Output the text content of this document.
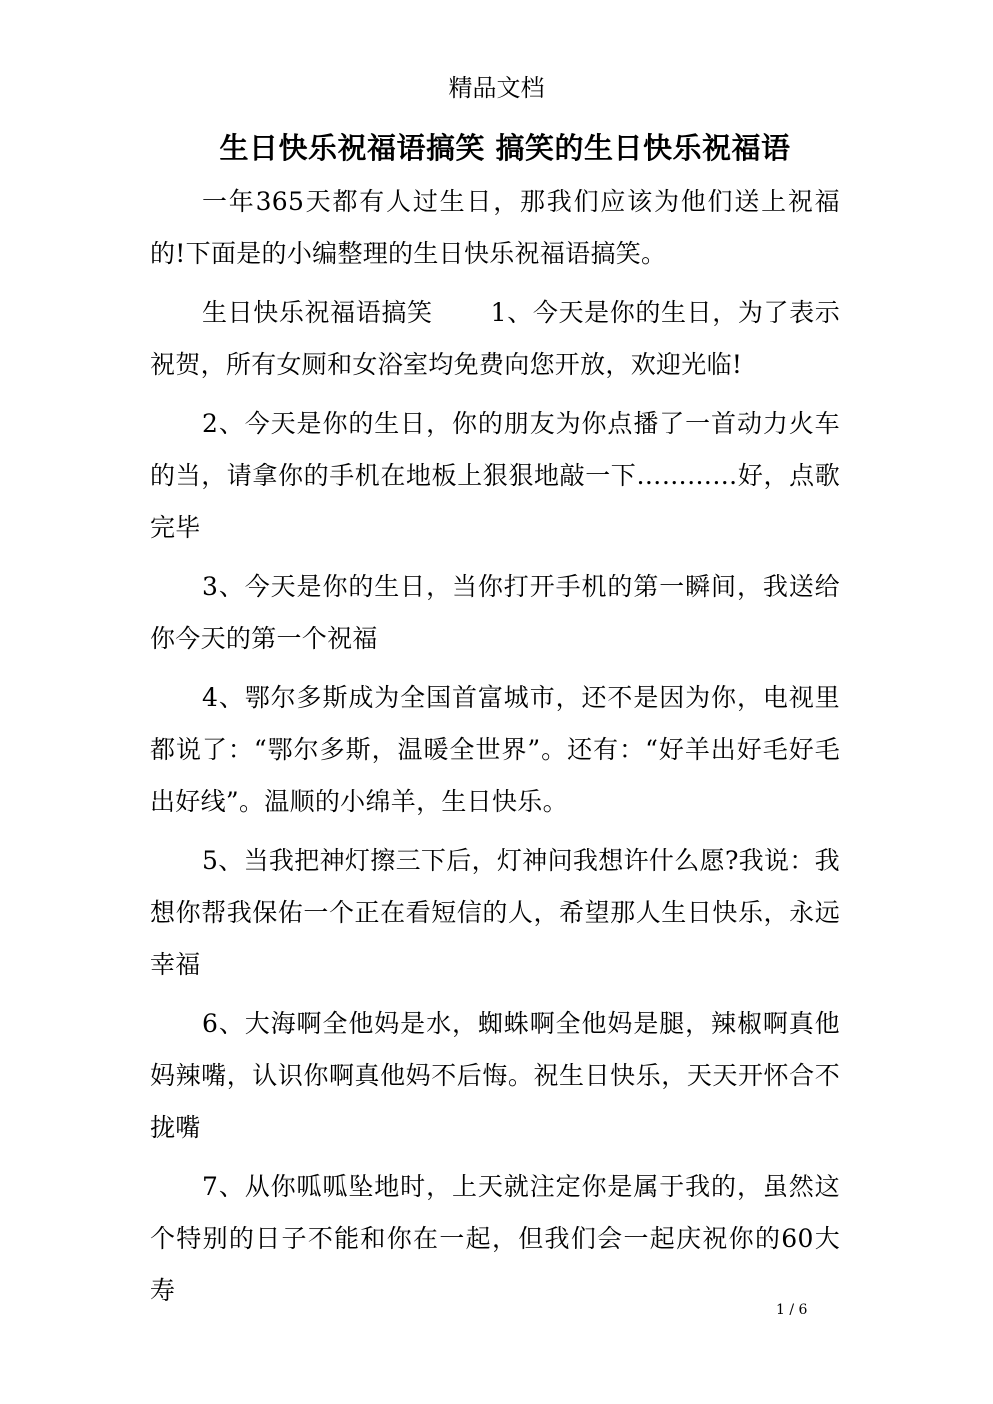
精品文档
生日快乐祝福语搞笑 搞笑的生日快乐祝福语

一年365天都有人过生日，那我们应该为他们送上祝福的!下面是的小编整理的生日快乐祝福语搞笑。

生日快乐祝福语搞笑 1、今天是你的生日，为了表示祝贺，所有女厕和女浴室均免费向您开放，欢迎光临!

2、今天是你的生日，你的朋友为你点播了一首动力火车的当，请拿你的手机在地板上狠狠地敲一下…………好，点歌完毕

3、今天是你的生日，当你打开手机的第一瞬间，我送给你今天的第一个祝福

4、鄂尔多斯成为全国首富城市，还不是因为你，电视里都说了：“鄂尔多斯，温暖全世界”。还有：“好羊出好毛好毛出好线”。温顺的小绵羊，生日快乐。

5、当我把神灯擦三下后，灯神问我想许什么愿?我说：我想你帮我保佑一个正在看短信的人，希望那人生日快乐，永远幸福

6、大海啊全他妈是水，蜘蛛啊全他妈是腿，辣椒啊真他妈辣嘴，认识你啊真他妈不后悔。祝生日快乐，天天开怀合不拢嘴

7、从你呱呱坠地时，上天就注定你是属于我的，虽然这个特别的日子不能和你在一起，但我们会一起庆祝你的60大寿

1 / 6
